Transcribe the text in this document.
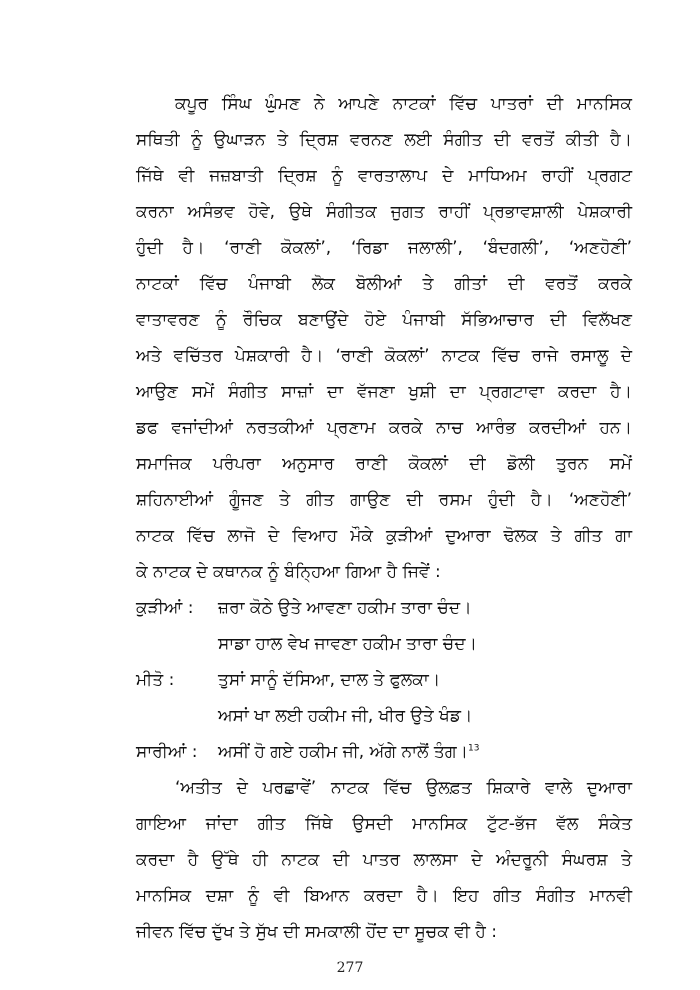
ਕਪੂਰ ਸਿੰਘ ਘੁੰਮਣ ਨੇ ਆਪਣੇ ਨਾਟਕਾਂ ਵਿੱਚ ਪਾਤਰਾਂ ਦੀ ਮਾਨਸਿਕ
ਸਥਿਤੀ ਨੂੰ ਉਘਾੜਨ ਤੇ ਦ੍ਰਿਸ਼ ਵਰਨਣ ਲਈ ਸੰਗੀਤ ਦੀ ਵਰਤੋਂ ਕੀਤੀ ਹੈ।
ਜਿੱਥੇ ਵੀ ਜਜ਼ਬਾਤੀ ਦ੍ਰਿਸ਼ ਨੂੰ ਵਾਰਤਾਲਾਪ ਦੇ ਮਾਧਿਅਮ ਰਾਹੀਂ ਪ੍ਰਗਟ
ਕਰਨਾ ਅਸੰਭਵ ਹੋਵੇ, ਉਥੇ ਸੰਗੀਤਕ ਜੁਗਤ ਰਾਹੀਂ ਪ੍ਰਭਾਵਸ਼ਾਲੀ ਪੇਸ਼ਕਾਰੀ
ਹੁੰਦੀ ਹੈ। ‘ਰਾਣੀ ਕੋਕਲਾਂ’, ‘ਰਿਡਾ ਜਲਾਲੀ’, ‘ਬੰਦਗਲੀ’, ‘ਅਣਹੋਣੀ’
ਨਾਟਕਾਂ ਵਿੱਚ ਪੰਜਾਬੀ ਲੋਕ ਬੋਲੀਆਂ ਤੇ ਗੀਤਾਂ ਦੀ ਵਰਤੋਂ ਕਰਕੇ
ਵਾਤਾਵਰਣ ਨੂੰ ਰੌਚਿਕ ਬਣਾਉਂਦੇ ਹੋਏ ਪੰਜਾਬੀ ਸੱਭਿਆਚਾਰ ਦੀ ਵਿਲੱਖਣ
ਅਤੇ ਵਚਿੱਤਰ ਪੇਸ਼ਕਾਰੀ ਹੈ। ‘ਰਾਣੀ ਕੋਕਲਾਂ’ ਨਾਟਕ ਵਿੱਚ ਰਾਜੇ ਰਸਾਲੂ ਦੇ
ਆਉਣ ਸਮੇਂ ਸੰਗੀਤ ਸਾਜ਼ਾਂ ਦਾ ਵੱਜਣਾ ਖੁਸ਼ੀ ਦਾ ਪ੍ਰਗਟਾਵਾ ਕਰਦਾ ਹੈ।
ਡਫ ਵਜਾਂਦੀਆਂ ਨਰਤਕੀਆਂ ਪ੍ਰਣਾਮ ਕਰਕੇ ਨਾਚ ਆਰੰਭ ਕਰਦੀਆਂ ਹਨ।
ਸਮਾਜਿਕ ਪਰੰਪਰਾ ਅਨੁਸਾਰ ਰਾਣੀ ਕੋਕਲਾਂ ਦੀ ਡੋਲੀ ਤੁਰਨ ਸਮੇਂ
ਸ਼ਹਿਨਾਈਆਂ ਗੂੰਜਣ ਤੇ ਗੀਤ ਗਾਉਣ ਦੀ ਰਸਮ ਹੁੰਦੀ ਹੈ। ‘ਅਣਹੋਣੀ’
ਨਾਟਕ ਵਿੱਚ ਲਾਜੋ ਦੇ ਵਿਆਹ ਮੌਕੇ ਕੁੜੀਆਂ ਦੁਆਰਾ ਢੋਲਕ ਤੇ ਗੀਤ ਗਾ
ਕੇ ਨਾਟਕ ਦੇ ਕਥਾਨਕ ਨੂੰ ਬੰਨ੍ਹਿਆ ਗਿਆ ਹੈ ਜਿਵੇਂ :
ਕੁੜੀਆਂ : ਜ਼ਰਾ ਕੋਠੇ ਉਤੇ ਆਵਣਾ ਹਕੀਮ ਤਾਰਾ ਚੰਦ।
ਸਾਡਾ ਹਾਲ ਵੇਖ ਜਾਵਣਾ ਹਕੀਮ ਤਾਰਾ ਚੰਦ।
ਮੀਤੋ :	ਤੁਸਾਂ ਸਾਨੂੰ ਦੱਸਿਆ, ਦਾਲ ਤੇ ਫੁਲਕਾ।
ਅਸਾਂ ਖਾ ਲਈ ਹਕੀਮ ਜੀ, ਖੀਰ ਉਤੇ ਖੰਡ।
ਸਾਰੀਆਂ : ਅਸੀਂ ਹੋ ਗਏ ਹਕੀਮ ਜੀ, ਅੱਗੇ ਨਾਲੋਂ ਤੰਗ।$^{13}$
‘ਅਤੀਤ ਦੇ ਪਰਛਾਵੇਂ’ ਨਾਟਕ ਵਿੱਚ ਉਲਫ਼ਤ ਸ਼ਿਕਾਰੇ ਵਾਲੇ ਦੁਆਰਾ
ਗਾਇਆ ਜਾਂਦਾ ਗੀਤ ਜਿੱਥੇ ਉਸਦੀ ਮਾਨਸਿਕ ਟੁੱਟ-ਭੱਜ ਵੱਲ ਸੰਕੇਤ
ਕਰਦਾ ਹੈ ਉੱਥੇ ਹੀ ਨਾਟਕ ਦੀ ਪਾਤਰ ਲਾਲਸਾ ਦੇ ਅੰਦਰੂਨੀ ਸੰਘਰਸ਼ ਤੇ
ਮਾਨਸਿਕ ਦਸ਼ਾ ਨੂੰ ਵੀ ਬਿਆਨ ਕਰਦਾ ਹੈ। ਇਹ ਗੀਤ ਸੰਗੀਤ ਮਾਨਵੀ
ਜੀਵਨ ਵਿੱਚ ਦੁੱਖ ਤੇ ਸੁੱਖ ਦੀ ਸਮਕਾਲੀ ਹੋਂਦ ਦਾ ਸੂਚਕ ਵੀ ਹੈ :
277
